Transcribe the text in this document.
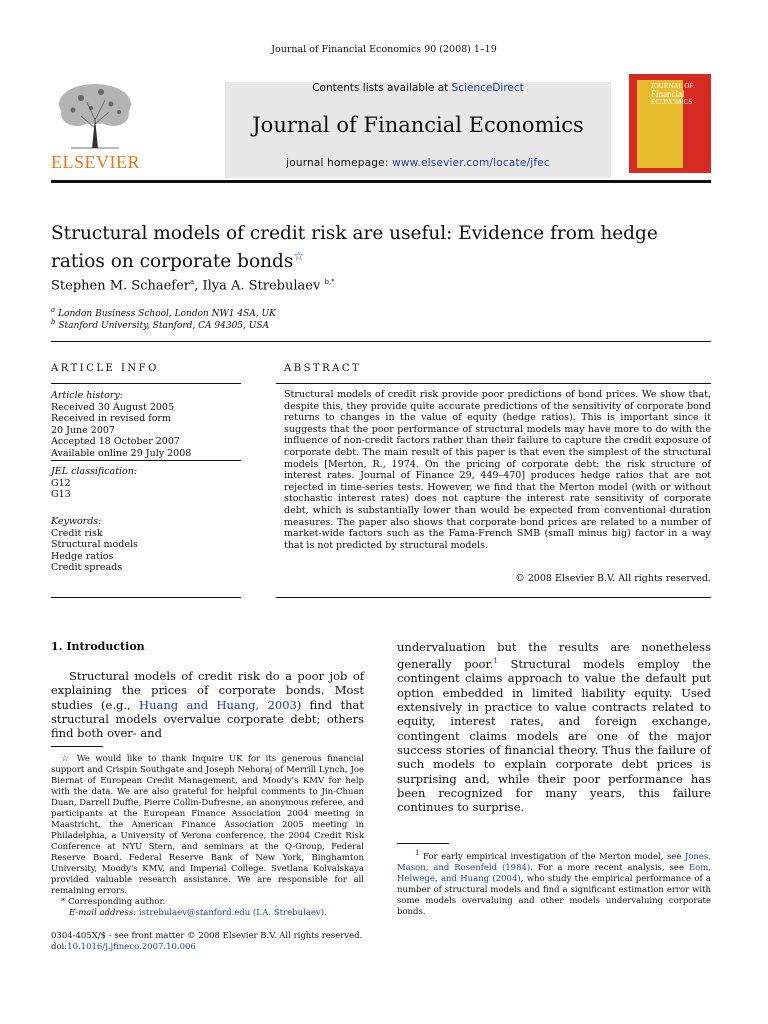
Journal of Financial Economics 90 (2008) 1–19
ELSEVIER
Contents lists available at ScienceDirect
Journal of Financial Economics
journal homepage: www.elsevier.com/locate/jfec
JOURNAL OF
Financial
ECONOMICS
Structural models of credit risk are useful: Evidence from hedge
ratios on corporate bonds☆
Stephen M. Schaefer$^a$, Ilya A. Strebulaev $^{b,*}$
$^a$ London Business School, London NW1 4SA, UK
$^b$ Stanford University, Stanford, CA 94305, USA
ARTICLE INFO
Article history:
Received 30 August 2005
Received in revised form
20 June 2007
Accepted 18 October 2007
Available online 29 July 2008
JEL classification:
G12
G13
Keywords:
Credit risk
Structural models
Hedge ratios
Credit spreads
ABSTRACT
Structural models of credit risk provide poor predictions of bond prices. We show that, despite this, they provide quite accurate predictions of the sensitivity of corporate bond returns to changes in the value of equity (hedge ratios). This is important since it suggests that the poor performance of structural models may have more to do with the influence of non-credit factors rather than their failure to capture the credit exposure of corporate debt. The main result of this paper is that even the simplest of the structural models [Merton, R., 1974. On the pricing of corporate debt: the risk structure of interest rates. Journal of Finance 29, 449–470] produces hedge ratios that are not rejected in time-series tests. However, we find that the Merton model (with or without stochastic interest rates) does not capture the interest rate sensitivity of corporate debt, which is substantially lower than would be expected from conventional duration measures. The paper also shows that corporate bond prices are related to a number of market-wide factors such as the Fama-French SMB (small minus big) factor in a way that is not predicted by structural models.
© 2008 Elsevier B.V. All rights reserved.
1. Introduction
Structural models of credit risk do a poor job of explaining the prices of corporate bonds. Most studies (e.g., Huang and Huang, 2003) find that structural models overvalue corporate debt; others find both over- and
undervaluation but the results are nonetheless generally poor.$^1$ Structural models employ the contingent claims approach to value the default put option embedded in limited liability equity. Used extensively in practice to value contracts related to equity, interest rates, and foreign exchange, contingent claims models are one of the major success stories of financial theory. Thus the failure of such models to explain corporate debt prices is surprising and, while their poor performance has been recognized for many years, this failure continues to surprise.
☆ We would like to thank Inquire UK for its generous financial support and Crispin Southgate and Joseph Nehoraj of Merrill Lynch, Joe Biernat of European Credit Management, and Moody's KMV for help with the data. We are also grateful for helpful comments to Jin-Chuan Duan, Darrell Duffie, Pierre Collin-Dufresne, an anonymous referee, and participants at the European Finance Association 2004 meeting in Maastricht, the American Finance Association 2005 meeting in Philadelphia, a University of Verona conference, the 2004 Credit Risk Conference at NYU Stern, and seminars at the Q-Group, Federal Reserve Board, Federal Reserve Bank of New York, Binghamton University, Moody's KMV, and Imperial College. Svetlana Kolvalskaya provided valuable research assistance. We are responsible for all remaining errors.
* Corresponding author.
E-mail address: istrebulaev@stanford.edu (I.A. Strebulaev).
$^1$ For early empirical investigation of the Merton model, see Jones, Mason, and Rosenfeld (1984). For a more recent analysis, see Eom, Helwege, and Huang (2004), who study the empirical performance of a number of structural models and find a significant estimation error with some models overvaluing and other models undervaluing corporate bonds.
0304-405X/$ - see front matter © 2008 Elsevier B.V. All rights reserved.
doi:10.1016/j.jfineco.2007.10.006
